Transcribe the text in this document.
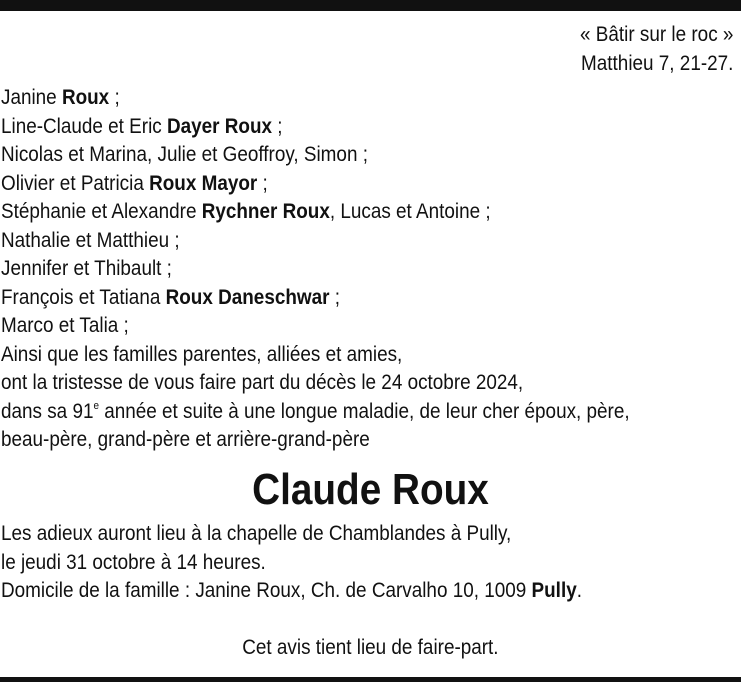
« Bâtir sur le roc »
Matthieu 7, 21-27.
Janine Roux ;
Line-Claude et Eric Dayer Roux ;
Nicolas et Marina, Julie et Geoffroy, Simon ;
Olivier et Patricia Roux Mayor ;
Stéphanie et Alexandre Rychner Roux, Lucas et Antoine ;
Nathalie et Matthieu ;
Jennifer et Thibault ;
François et Tatiana Roux Daneschwar ;
Marco et Talia ;
Ainsi que les familles parentes, alliées et amies,
ont la tristesse de vous faire part du décès le 24 octobre 2024,
dans sa 91e année et suite à une longue maladie, de leur cher époux, père,
beau-père, grand-père et arrière-grand-père
Claude Roux
Les adieux auront lieu à la chapelle de Chamblandes à Pully,
le jeudi 31 octobre à 14 heures.
Domicile de la famille : Janine Roux, Ch. de Carvalho 10, 1009 Pully.
Cet avis tient lieu de faire-part.
